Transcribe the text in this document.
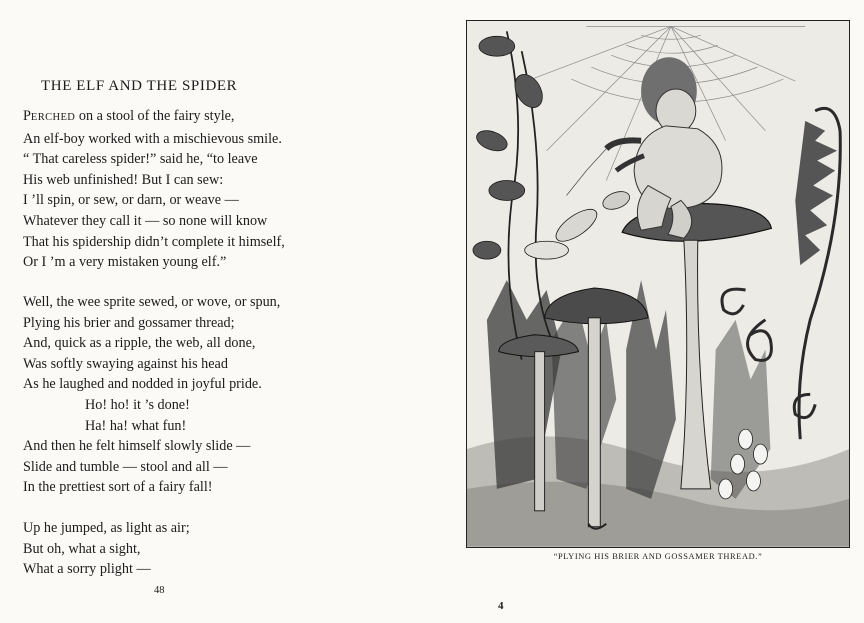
THE ELF AND THE SPIDER
PERCHED on a stool of the fairy style,
An elf-boy worked with a mischievous smile.
“ That careless spider!” said he, “to leave
His web unfinished! But I can sew:
I ’ll spin, or sew, or darn, or weave —
Whatever they call it — so none will know
That his spidership didn’t complete it himself,
Or I ’m a very mistaken young elf.”
Well, the wee sprite sewed, or wove, or spun,
Plying his brier and gossamer thread;
And, quick as a ripple, the web, all done,
Was softly swaying against his head
As he laughed and nodded in joyful pride.
Ho! ho! it ’s done!
Ha! ha! what fun!
And then he felt himself slowly slide —
Slide and tumble — stool and all —
In the prettiest sort of a fairy fall!
Up he jumped, as light as air;
But oh, what a sight,
What a sorry plight —
48
“PLYING HIS BRIER AND GOSSAMER THREAD.”
4
